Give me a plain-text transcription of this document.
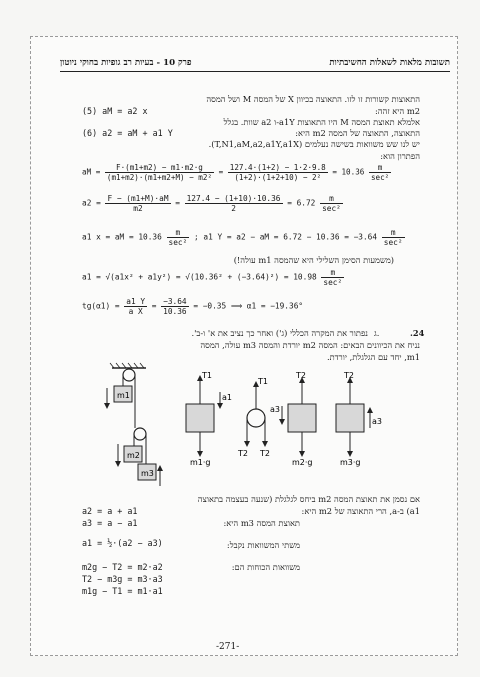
פרק 10 - בעיות רב גופיות בחוקי ניוטון	תשובות מלאות לשאלות החשיבתיות
התאוצות קשורות זו לזו. התאוצה בכיוון X של המסה M ושל המסה
m2 היא זהה:
(5) aM = a2 x
אלמלא תאוצת המסה M היו התאוצות a1Y-ו a2 שוות. בגלל
התאוצה, התאוצה של המסה m2 היא:
(6) a2 = aM + a1 Y
יש לנו שש משוואות בשישה נעלמים (T,N1,aM,a2,a1Y,a1X).
הפתרון הוא:
aM = $\frac{F\cdot(m1+m2) - m1\cdot m2\cdot g}{\text{(m1+m2)·(m1+m2+M) − m2²}} = \frac{127.4\cdot(1+2) - 1\cdot 2\cdot 9.8}{\text{(1+2)·(1+2+10) − 2²}} = 10.36 \frac{m}{\text{sec²}}$
$a2 = \frac{F - (m1+M)\cdot aM}{m2} = \frac{127.4 - (1+10)\cdot 10.36}{2} = 6.72 \frac{m}{\text{sec²}}$
a1 x = aM = $10.36 \frac{m}{\text{sec²}}$ ; a1 Y = a2 − aM = $6.72 - 10.36 = -3.64 \frac{m}{\text{sec²}}$
(משמעות הסימן השלילי היא שהמסה m1 עולה!)
$a1 = √(a1x^2 + a1y^2) = √(10.36^2 + (-3.64)^2) = 10.98 \frac{m}{\text{sec²}}$
$tg(\alpha 1) = \frac{a1 Y}{\text{a X}} = \frac{-3.64}{10.36} = -0.35$ ⟹ α1 = −19.36°
.24
ג.
נפתור את המקרה הכללי (ג') ואחר כך נציב את א' ו-ב'.
נניח את הכיוונים הבאים: המסה m2 יורדת והמסה m3 עולה, המסה
m1, יחד עם הגלגלת, יורדת.
m1
m2
m3
T1
a1
m1·g
T1
T2 T2
T2
a3
m2·g
T2
a3
m3·g
אם נסמן את תאוצת המסה m2 ביחס לגלגלת (שנעה בעצמה בתאוצה
a1) ב-a, הרי התאוצה של m2 היא:
a2 = a + a1
תאוצת המסה m3 היא:
a3 = a − a1
משתי המשוואות נקבל:
a1 = ½·(a2 − a3)
משוואות הכוחות הם:
m2g − T2 = m2·a2
T2 − m3g = m3·a3
m1g − T1 = m1·a1
-271-
